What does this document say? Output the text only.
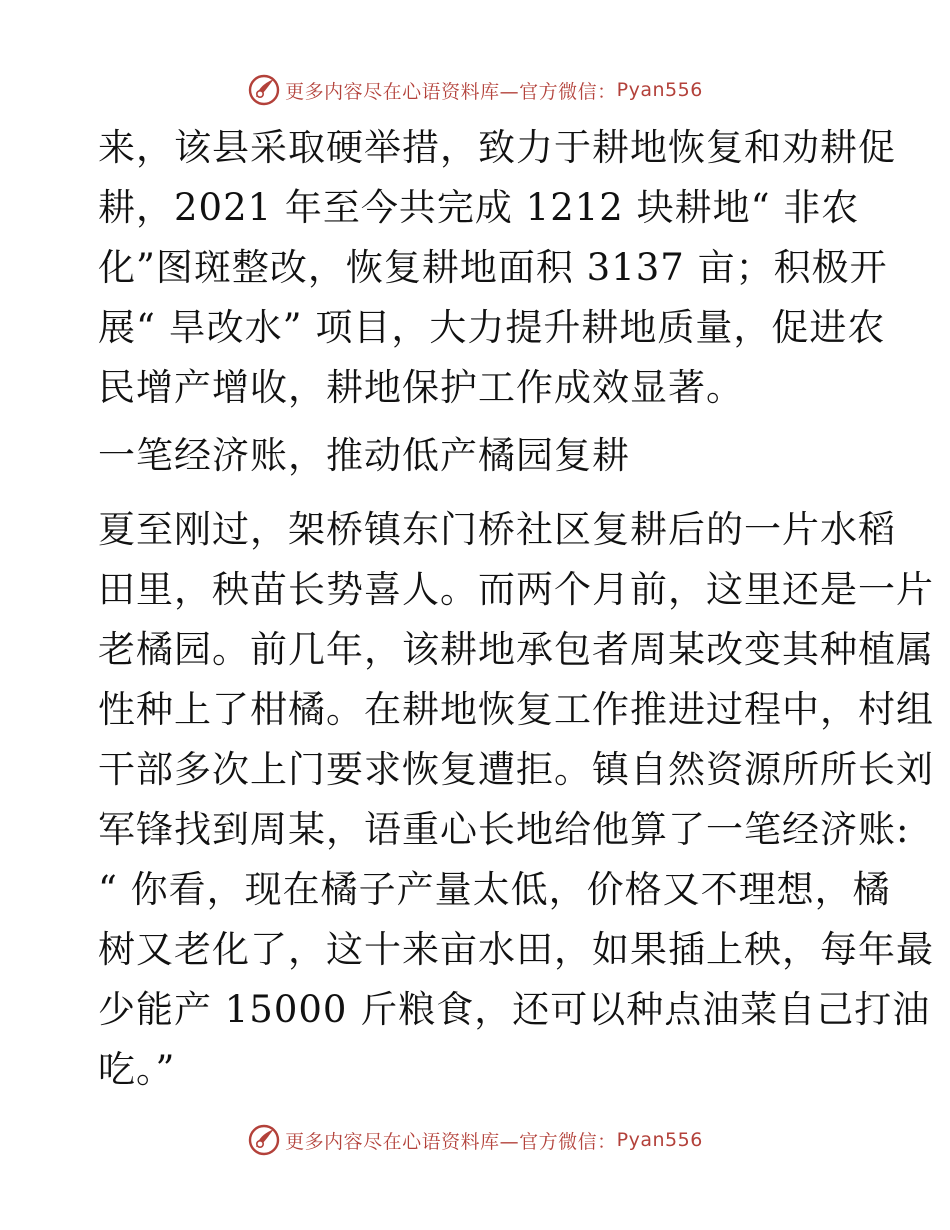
更多内容尽在心语资料库—官方微信： Pyan556

来，该县采取硬举措，致力于耕地恢复和劝耕促
耕，2021 年至今共完成 1212 块耕地“ 非农
化”图斑整改，恢复耕地面积 3137 亩；积极开
展“ 旱改水” 项目，大力提升耕地质量，促进农
民增产增收，耕地保护工作成效显著。

一笔经济账，推动低产橘园复耕

夏至刚过，架桥镇东门桥社区复耕后的一片水稻
田里，秧苗长势喜人。而两个月前，这里还是一片
老橘园。前几年，该耕地承包者周某改变其种植属
性种上了柑橘。在耕地恢复工作推进过程中，村组
干部多次上门要求恢复遭拒。镇自然资源所所长刘
军锋找到周某，语重心长地给他算了一笔经济账:
“ 你看，现在橘子产量太低，价格又不理想，橘
树又老化了，这十来亩水田，如果插上秧，每年最
少能产 15000 斤粮食，还可以种点油菜自己打油
吃。”

更多内容尽在心语资料库—官方微信： Pyan556
